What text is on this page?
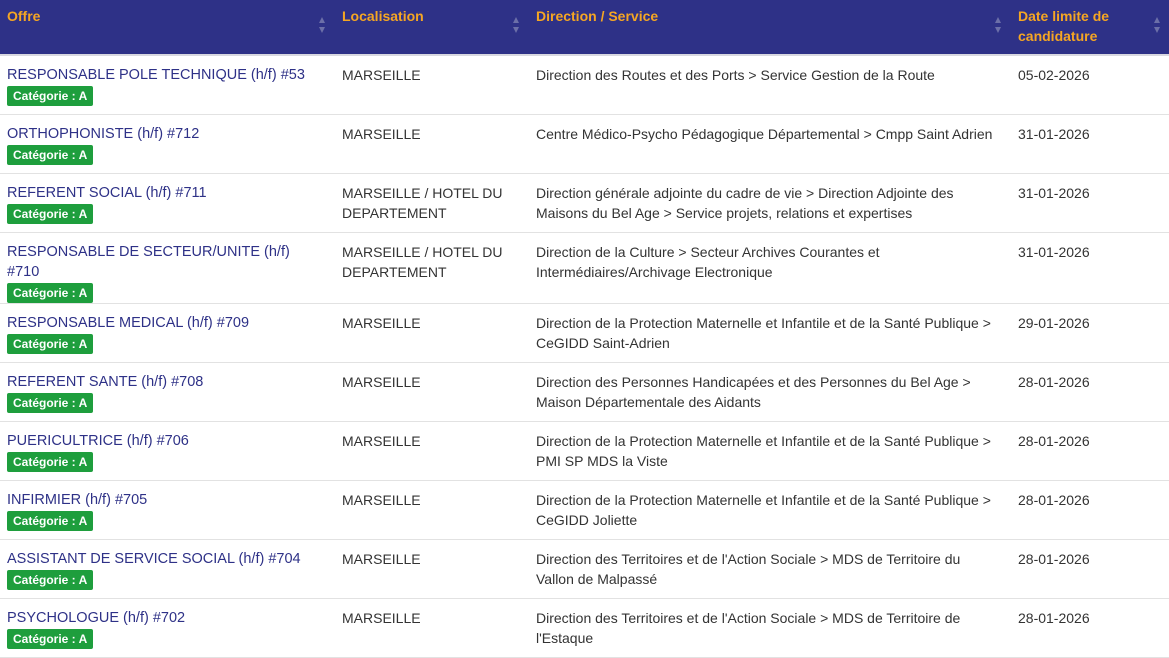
Offre	Localisation	Direction / Service	Date limite de candidature

RESPONSABLE POLE TECHNIQUE (h/f) #53
Catégorie : A	MARSEILLE	Direction des Routes et des Ports > Service Gestion de la Route	05-02-2026

ORTHOPHONISTE (h/f) #712
Catégorie : A	MARSEILLE	Centre Médico-Psycho Pédagogique Départemental > Cmpp Saint Adrien	31-01-2026

REFERENT SOCIAL (h/f) #711
Catégorie : A	MARSEILLE / HOTEL DU DEPARTEMENT	Direction générale adjointe du cadre de vie > Direction Adjointe des Maisons du Bel Age > Service projets, relations et expertises	31-01-2026

RESPONSABLE DE SECTEUR/UNITE (h/f) #710
Catégorie : A	MARSEILLE / HOTEL DU DEPARTEMENT	Direction de la Culture > Secteur Archives Courantes et Intermédiaires/Archivage Electronique	31-01-2026

RESPONSABLE MEDICAL (h/f) #709
Catégorie : A	MARSEILLE	Direction de la Protection Maternelle et Infantile et de la Santé Publique > CeGIDD Saint-Adrien	29-01-2026

REFERENT SANTE (h/f) #708
Catégorie : A	MARSEILLE	Direction des Personnes Handicapées et des Personnes du Bel Age > Maison Départementale des Aidants	28-01-2026

PUERICULTRICE (h/f) #706
Catégorie : A	MARSEILLE	Direction de la Protection Maternelle et Infantile et de la Santé Publique > PMI SP MDS la Viste	28-01-2026

INFIRMIER (h/f) #705
Catégorie : A	MARSEILLE	Direction de la Protection Maternelle et Infantile et de la Santé Publique > CeGIDD Joliette	28-01-2026

ASSISTANT DE SERVICE SOCIAL (h/f) #704
Catégorie : A	MARSEILLE	Direction des Territoires et de l'Action Sociale > MDS de Territoire du Vallon de Malpassé	28-01-2026

PSYCHOLOGUE (h/f) #702
Catégorie : A	MARSEILLE	Direction des Territoires et de l'Action Sociale > MDS de Territoire de l'Estaque	28-01-2026
